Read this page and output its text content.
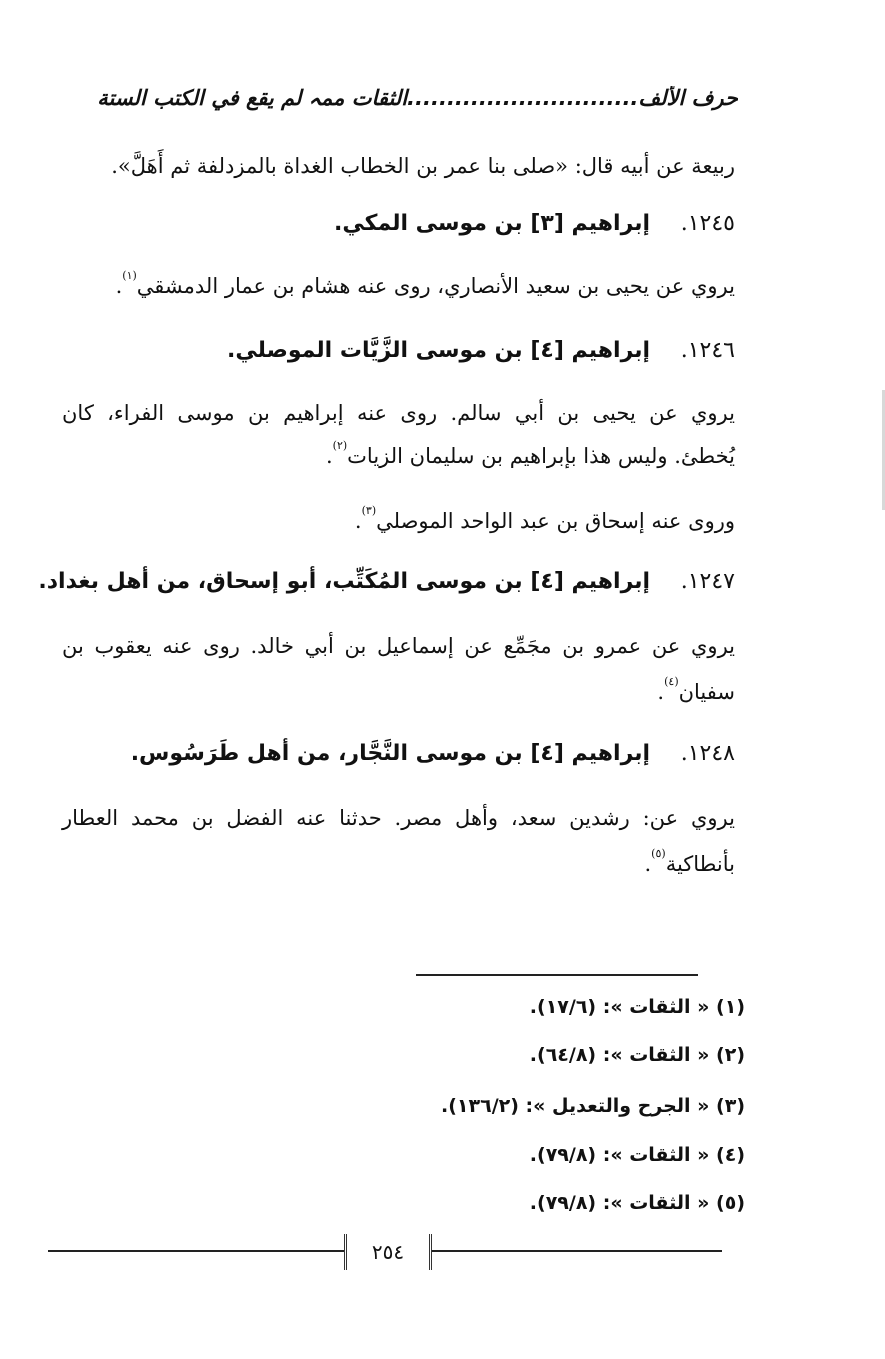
حرف الألف.............................الثقات ممہ لم يقع في الكتب الستة
ربيعة عن أبيه قال: «صلى بنا عمر بن الخطاب الغداة بالمزدلفة ثم أَهَلَّ».
١٢٤٥.    إبراهيم [٣] بن موسى المكي.
يروي عن يحيى بن سعيد الأنصاري، روى عنه هشام بن عمار الدمشقي$^{(١)}$.
١٢٤٦.    إبراهيم [٤] بن موسى الزَّيَّات الموصلي.
يروي عن يحيى بن أبي سالم. روى عنه إبراهيم بن موسى الفراء، كان
يُخطئ. وليس هذا بإبراهيم بن سليمان الزيات$^{(٢)}$.
وروى عنه إسحاق بن عبد الواحد الموصلي$^{(٣)}$.
١٢٤٧.    إبراهيم [٤] بن موسى المُكَتِّب، أبو إسحاق، من أهل بغداد.
يروي عن عمرو بن مجَمِّع عن إسماعيل بن أبي خالد. روى عنه يعقوب بن
سفيان$^{(٤)}$.
١٢٤٨.    إبراهيم [٤] بن موسى النَّجَّار، من أهل طَرَسُوس.
يروي عن: رشدين سعد، وأهل مصر. حدثنا عنه الفضل بن محمد العطار
بأنطاكية$^{(٥)}$.
(١) « الثقات »: (١٧/٦).
(٢) « الثقات »: (٦٤/٨).
(٣) « الجرح والتعديل »: (١٣٦/٢).
(٤) « الثقات »: (٧٩/٨).
(٥) « الثقات »: (٧٩/٨).
٢٥٤
